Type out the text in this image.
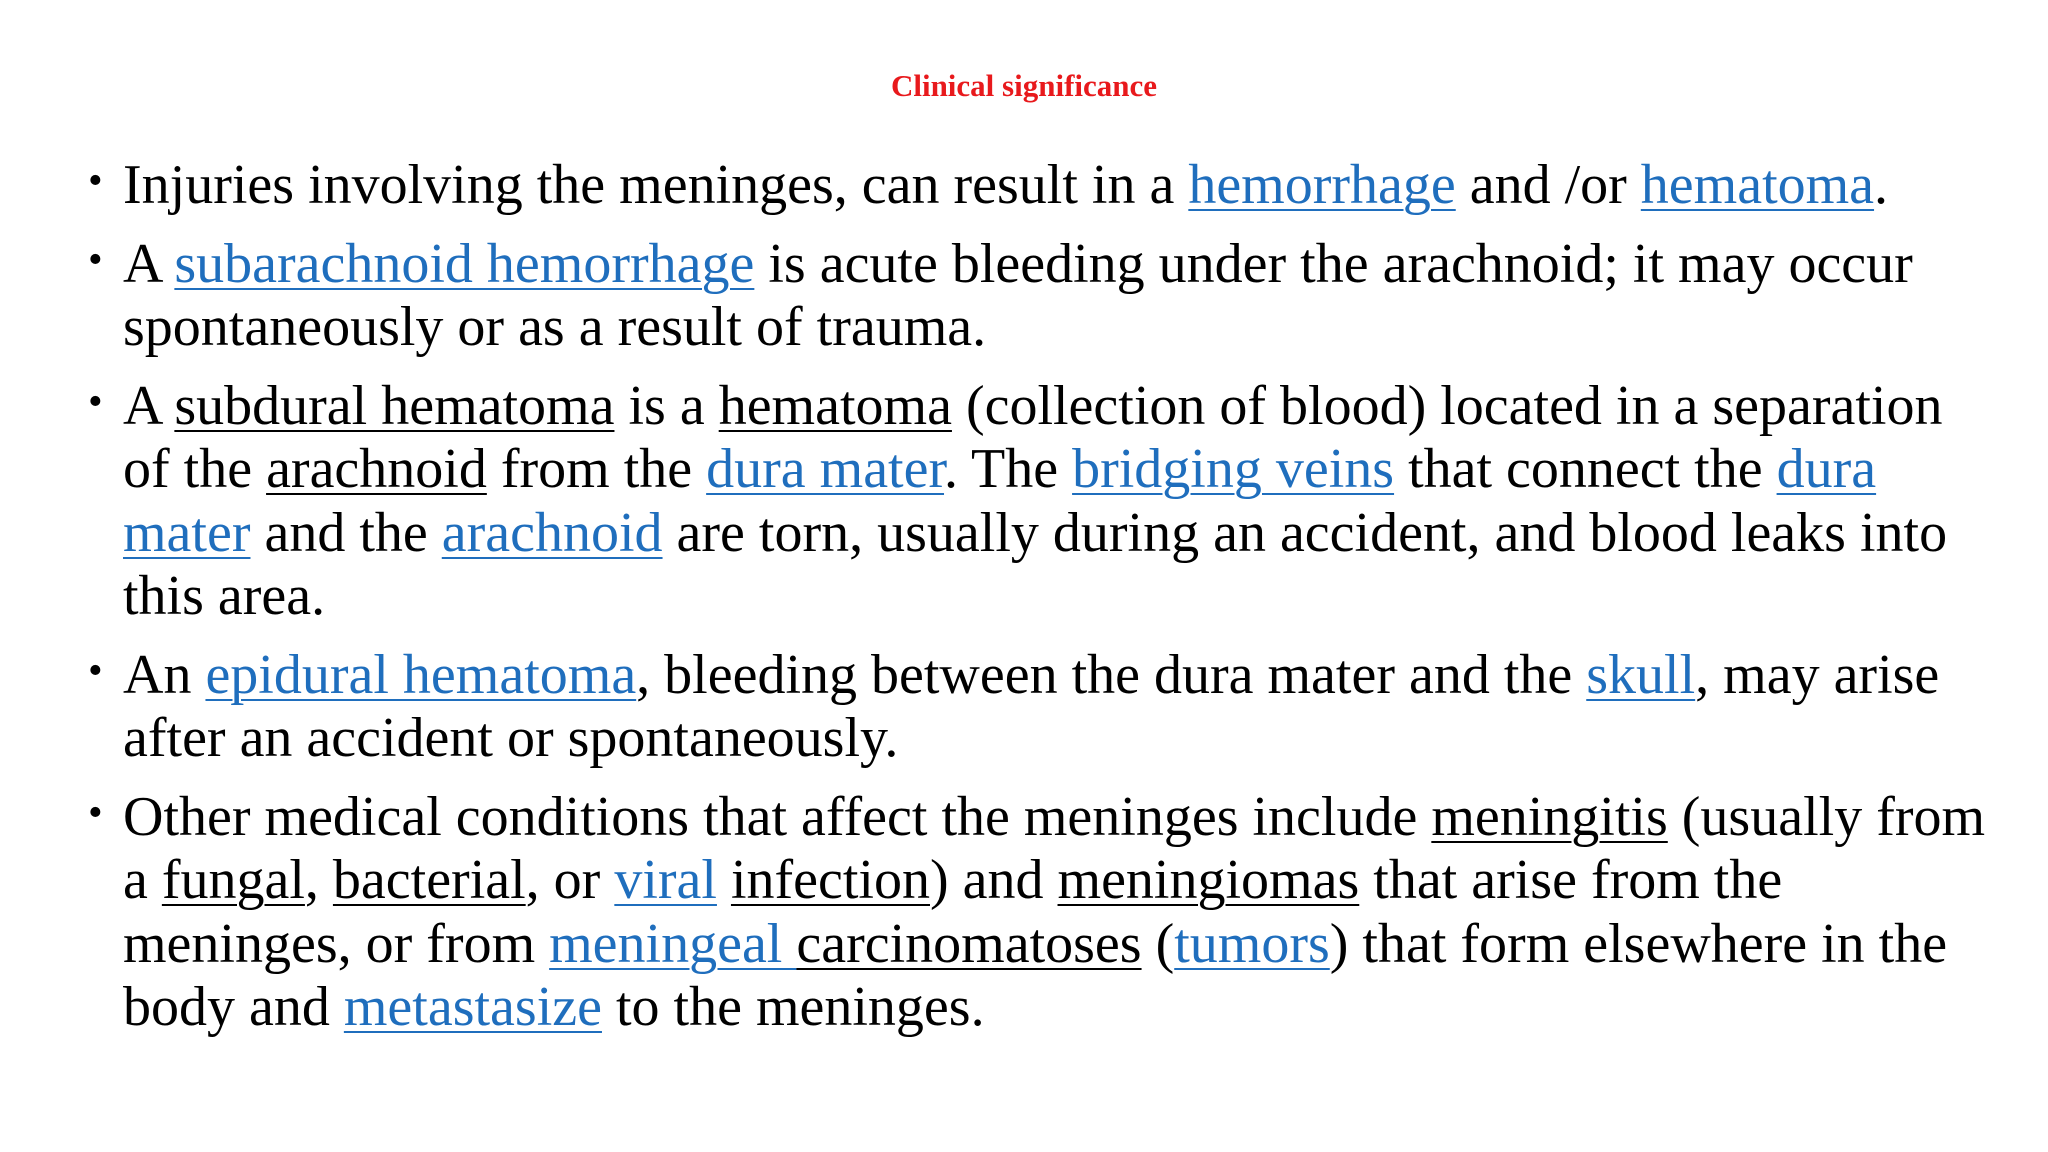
Clinical significance
• Injuries involving the meninges, can result in a hemorrhage and /or hematoma.
• A subarachnoid hemorrhage is acute bleeding under the arachnoid; it may occur spontaneously or as a result of trauma.
• A subdural hematoma is a hematoma (collection of blood) located in a separation of the arachnoid from the dura mater. The bridging veins that connect the dura mater and the arachnoid are torn, usually during an accident, and blood leaks into this area.
• An epidural hematoma, bleeding between the dura mater and the skull, may arise after an accident or spontaneously.
• Other medical conditions that affect the meninges include meningitis (usually from a fungal, bacterial, or viral infection) and meningiomas that arise from the meninges, or from meningeal carcinomatoses (tumors) that form elsewhere in the body and metastasize to the meninges.
